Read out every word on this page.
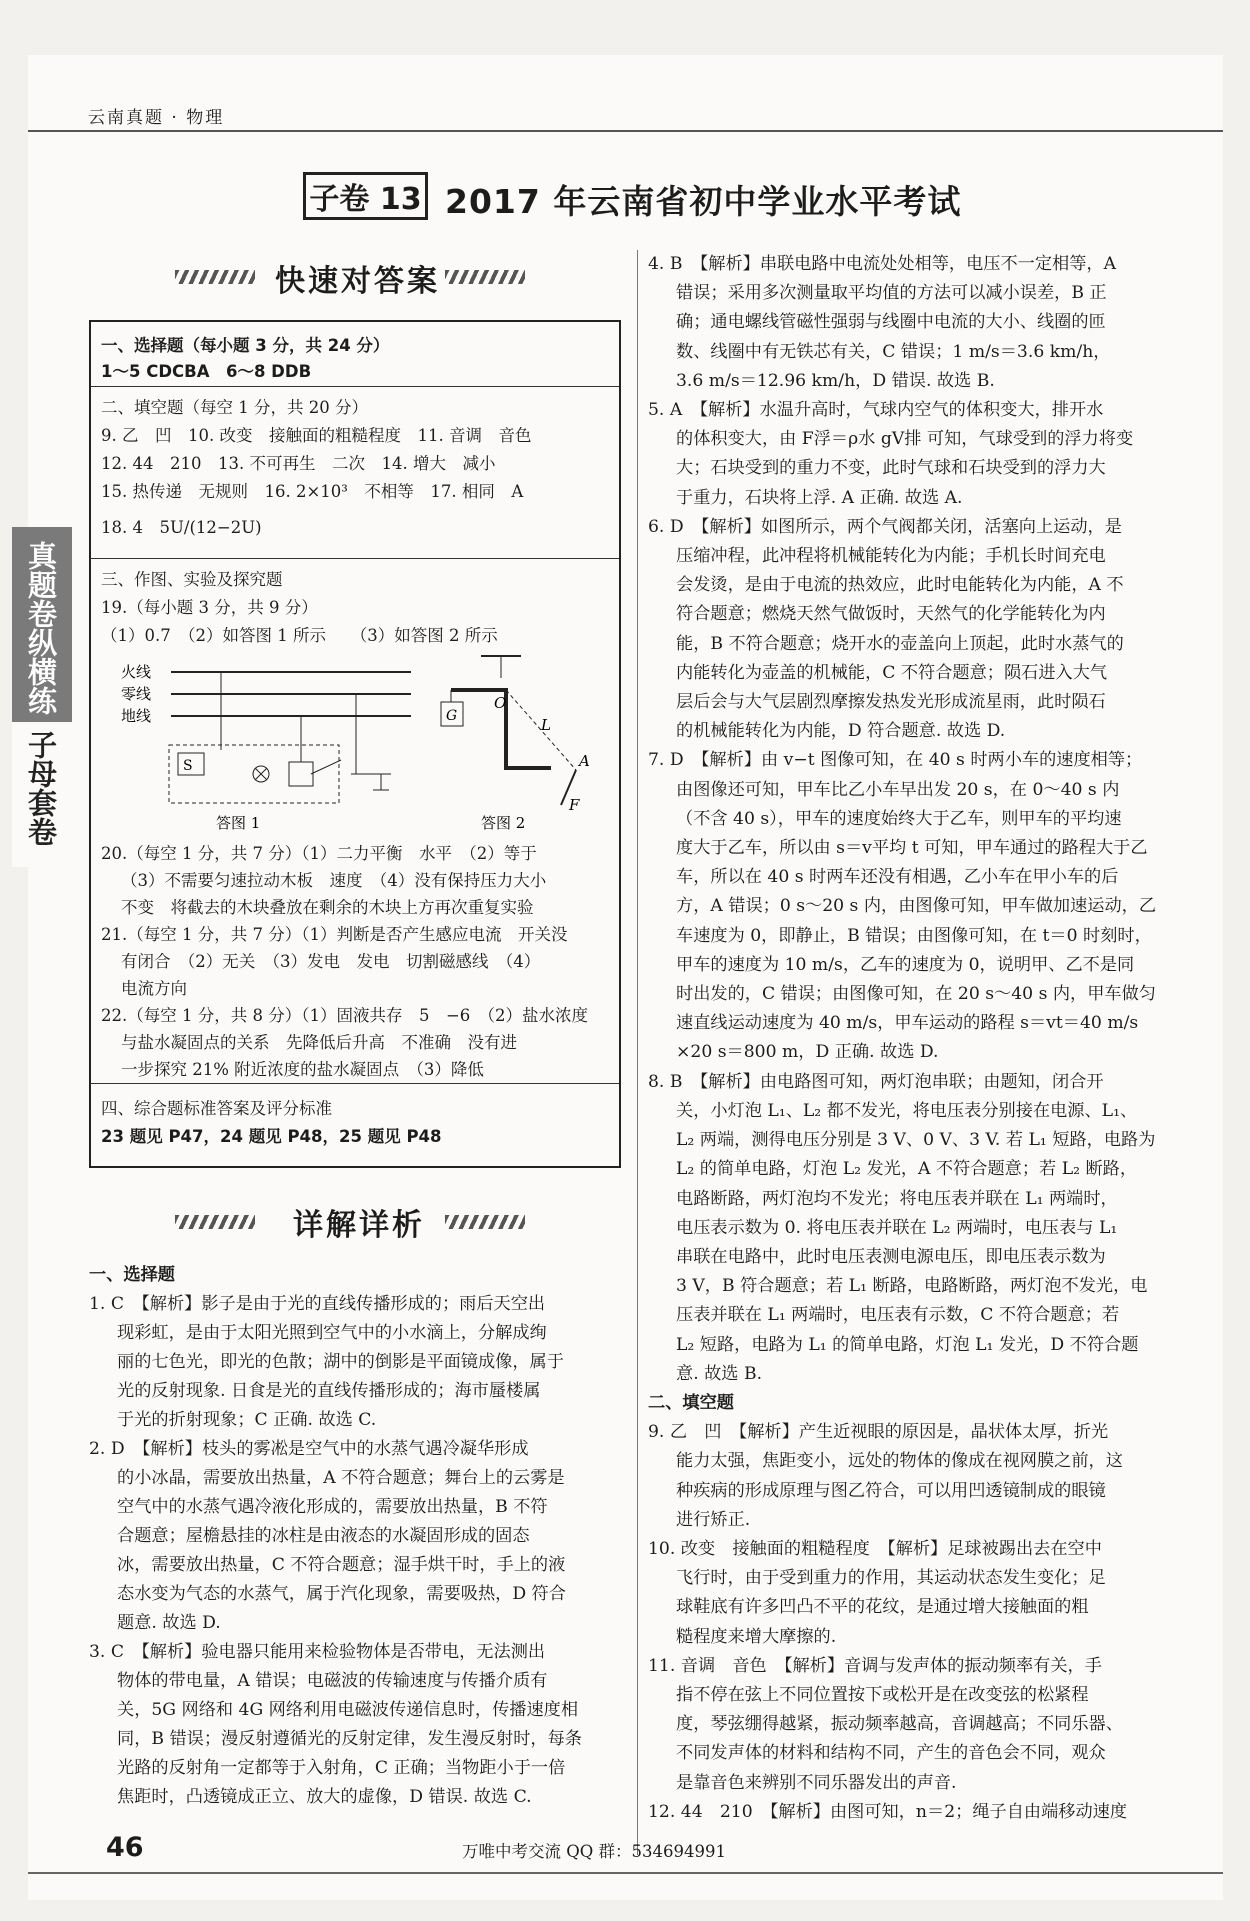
云南真题 · 物理
子卷 13 2017 年云南省初中学业水平考试
真题卷纵横练
子母套卷
快速对答案
一、选择题（每小题 3 分，共 24 分）
1～5 CDCBA　6～8 DDB
二、填空题（每空 1 分，共 20 分）
9. 乙　凹　10. 改变　接触面的粗糙程度　11. 音调　音色
12. 44　210　13. 不可再生　二次　14. 增大　减小
15. 热传递　无规则　16. 2×10³　不相等　17. 相同　A
18. 4　5U/(12−2U)
三、作图、实验及探究题
19.（每小题 3 分，共 9 分）
（1）0.7　（2）如答图 1 所示　　（3）如答图 2 所示
火线
零线
地线
S
答图 1
O
L
A
G
F
答图 2
20.（每空 1 分，共 7 分）（1）二力平衡　水平　（2）等于
（3）不需要匀速拉动木板　速度　（4）没有保持压力大小
不变　将截去的木块叠放在剩余的木块上方再次重复实验
21.（每空 1 分，共 7 分）（1）判断是否产生感应电流　开关没
有闭合　（2）无关　（3）发电　发电　切割磁感线　（4）
电流方向
22.（每空 1 分，共 8 分）（1）固液共存　5　−6　（2）盐水浓度
与盐水凝固点的关系　先降低后升高　不准确　没有进
一步探究 21% 附近浓度的盐水凝固点　（3）降低
四、综合题标准答案及评分标准
23 题见 P47，24 题见 P48，25 题见 P48
详解详析
一、选择题
1. C　【解析】影子是由于光的直线传播形成的；雨后天空出
现彩虹，是由于太阳光照到空气中的小水滴上，分解成绚
丽的七色光，即光的色散；湖中的倒影是平面镜成像，属于
光的反射现象. 日食是光的直线传播形成的；海市蜃楼属
于光的折射现象；C 正确. 故选 C.
2. D　【解析】枝头的雾凇是空气中的水蒸气遇冷凝华形成
的小冰晶，需要放出热量，A 不符合题意；舞台上的云雾是
空气中的水蒸气遇冷液化形成的，需要放出热量，B 不符
合题意；屋檐悬挂的冰柱是由液态的水凝固形成的固态
冰，需要放出热量，C 不符合题意；湿手烘干时，手上的液
态水变为气态的水蒸气，属于汽化现象，需要吸热，D 符合
题意. 故选 D.
3. C　【解析】验电器只能用来检验物体是否带电，无法测出
物体的带电量，A 错误；电磁波的传输速度与传播介质有
关，5G 网络和 4G 网络利用电磁波传递信息时，传播速度相
同，B 错误；漫反射遵循光的反射定律，发生漫反射时，每条
光路的反射角一定都等于入射角，C 正确；当物距小于一倍
焦距时，凸透镜成正立、放大的虚像，D 错误. 故选 C.
4. B　【解析】串联电路中电流处处相等，电压不一定相等，A
错误；采用多次测量取平均值的方法可以减小误差，B 正
确；通电螺线管磁性强弱与线圈中电流的大小、线圈的匝
数、线圈中有无铁芯有关，C 错误；1 m/s＝3.6 km/h，
3.6 m/s＝12.96 km/h，D 错误. 故选 B.
5. A　【解析】水温升高时，气球内空气的体积变大，排开水
的体积变大，由 F浮＝ρ水 gV排 可知，气球受到的浮力将变
大；石块受到的重力不变，此时气球和石块受到的浮力大
于重力，石块将上浮. A 正确. 故选 A.
6. D　【解析】如图所示，两个气阀都关闭，活塞向上运动，是
压缩冲程，此冲程将机械能转化为内能；手机长时间充电
会发烫，是由于电流的热效应，此时电能转化为内能，A 不
符合题意；燃烧天然气做饭时，天然气的化学能转化为内
能，B 不符合题意；烧开水的壶盖向上顶起，此时水蒸气的
内能转化为壶盖的机械能，C 不符合题意；陨石进入大气
层后会与大气层剧烈摩擦发热发光形成流星雨，此时陨石
的机械能转化为内能，D 符合题意. 故选 D.
7. D　【解析】由 v−t 图像可知，在 40 s 时两小车的速度相等；
由图像还可知，甲车比乙小车早出发 20 s，在 0～40 s 内
（不含 40 s），甲车的速度始终大于乙车，则甲车的平均速
度大于乙车，所以由 s＝v平均 t 可知，甲车通过的路程大于乙
车，所以在 40 s 时两车还没有相遇，乙小车在甲小车的后
方，A 错误；0 s～20 s 内，由图像可知，甲车做加速运动，乙
车速度为 0，即静止，B 错误；由图像可知，在 t＝0 时刻时，
甲车的速度为 10 m/s，乙车的速度为 0，说明甲、乙不是同
时出发的，C 错误；由图像可知，在 20 s～40 s 内，甲车做匀
速直线运动速度为 40 m/s，甲车运动的路程 s＝vt＝40 m/s
×20 s＝800 m，D 正确. 故选 D.
8. B　【解析】由电路图可知，两灯泡串联；由题知，闭合开
关，小灯泡 L₁、L₂ 都不发光，将电压表分别接在电源、L₁、
L₂ 两端，测得电压分别是 3 V、0 V、3 V. 若 L₁ 短路，电路为
L₂ 的简单电路，灯泡 L₂ 发光，A 不符合题意；若 L₂ 断路，
电路断路，两灯泡均不发光；将电压表并联在 L₁ 两端时，
电压表示数为 0. 将电压表并联在 L₂ 两端时，电压表与 L₁
串联在电路中，此时电压表测电源电压，即电压表示数为
3 V，B 符合题意；若 L₁ 断路，电路断路，两灯泡不发光，电
压表并联在 L₁ 两端时，电压表有示数，C 不符合题意；若
L₂ 短路，电路为 L₁ 的简单电路，灯泡 L₁ 发光，D 不符合题
意. 故选 B.
二、填空题
9. 乙　凹　【解析】产生近视眼的原因是，晶状体太厚，折光
能力太强，焦距变小，远处的物体的像成在视网膜之前，这
种疾病的形成原理与图乙符合，可以用凹透镜制成的眼镜
进行矫正.
10. 改变　接触面的粗糙程度　【解析】足球被踢出去在空中
飞行时，由于受到重力的作用，其运动状态发生变化；足
球鞋底有许多凹凸不平的花纹，是通过增大接触面的粗
糙程度来增大摩擦的.
11. 音调　音色　【解析】音调与发声体的振动频率有关，手
指不停在弦上不同位置按下或松开是在改变弦的松紧程
度，琴弦绷得越紧，振动频率越高，音调越高；不同乐器、
不同发声体的材料和结构不同，产生的音色会不同，观众
是靠音色来辨别不同乐器发出的声音.
12. 44　210　【解析】由图可知，n＝2；绳子自由端移动速度
46	万唯中考交流 QQ 群：534694991
